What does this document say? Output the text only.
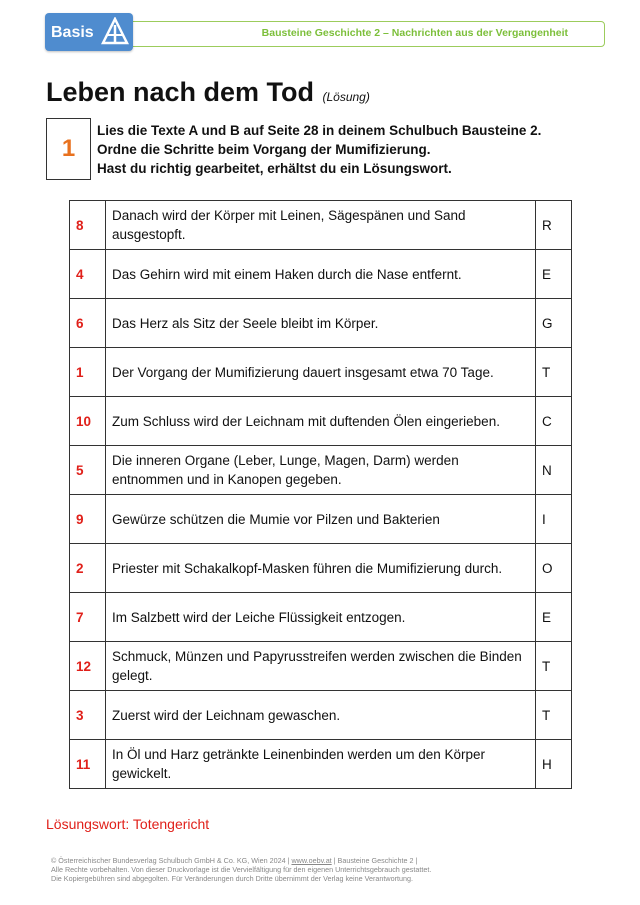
Bausteine Geschichte 2 – Nachrichten aus der Vergangenheit
Basis
Leben nach dem Tod (Lösung)
1
Lies die Texte A und B auf Seite 28 in deinem Schulbuch Bausteine 2.
Ordne die Schritte beim Vorgang der Mumifizierung.
Hast du richtig gearbeitet, erhältst du ein Lösungswort.
8	Danach wird der Körper mit Leinen, Sägespänen und Sand ausgestopft.	R
4	Das Gehirn wird mit einem Haken durch die Nase entfernt.	E
6	Das Herz als Sitz der Seele bleibt im Körper.	G
1	Der Vorgang der Mumifizierung dauert insgesamt etwa 70 Tage.	T
10	Zum Schluss wird der Leichnam mit duftenden Ölen eingerieben.	C
5	Die inneren Organe (Leber, Lunge, Magen, Darm) werden entnommen und in Kanopen gegeben.	N
9	Gewürze schützen die Mumie vor Pilzen und Bakterien	I
2	Priester mit Schakalkopf-Masken führen die Mumifizierung durch.	O
7	Im Salzbett wird der Leiche Flüssigkeit entzogen.	E
12	Schmuck, Münzen und Papyrusstreifen werden zwischen die Binden gelegt.	T
3	Zuerst wird der Leichnam gewaschen.	T
11	In Öl und Harz getränkte Leinenbinden werden um den Körper gewickelt.	H
Lösungswort: Totengericht
© Österreichischer Bundesverlag Schulbuch GmbH & Co. KG, Wien 2024 | www.oebv.at | Bausteine Geschichte 2 |
Alle Rechte vorbehalten. Von dieser Druckvorlage ist die Vervielfältigung für den eigenen Unterrichtsgebrauch gestattet.
Die Kopiergebühren sind abgegolten. Für Veränderungen durch Dritte übernimmt der Verlag keine Verantwortung.
